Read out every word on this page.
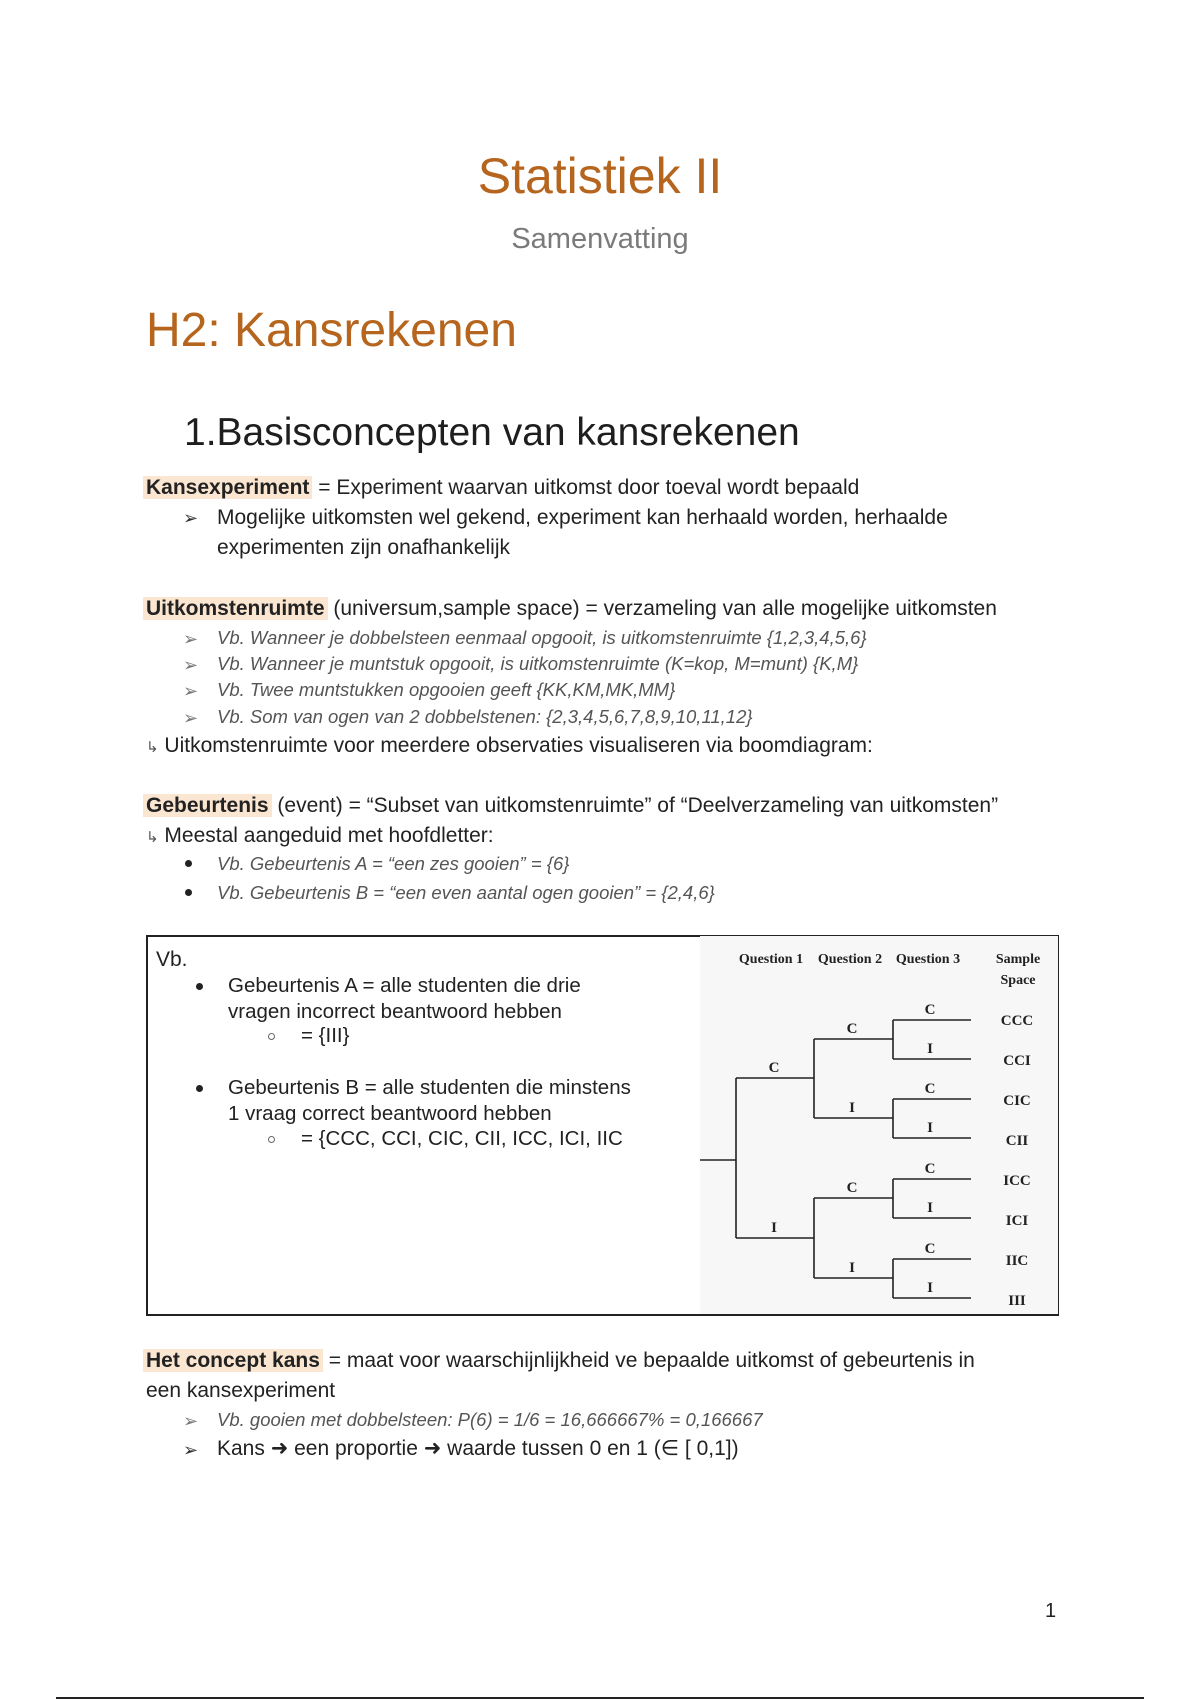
Statistiek II
Samenvatting
H2: Kansrekenen
1.Basisconcepten van kansrekenen
Kansexperiment = Experiment waarvan uitkomst door toeval wordt bepaald
➢ Mogelijke uitkomsten wel gekend, experiment kan herhaald worden, herhaalde
experimenten zijn onafhankelijk
Uitkomstenruimte (universum,sample space) = verzameling van alle mogelijke uitkomsten
➢ Vb. Wanneer je dobbelsteen eenmaal opgooit, is uitkomstenruimte {1,2,3,4,5,6}
➢ Vb. Wanneer je muntstuk opgooit, is uitkomstenruimte (K=kop, M=munt) {K,M}
➢ Vb. Twee muntstukken opgooien geeft {KK,KM,MK,MM}
➢ Vb. Som van ogen van 2 dobbelstenen: {2,3,4,5,6,7,8,9,10,11,12}
↳ Uitkomstenruimte voor meerdere observaties visualiseren via boomdiagram:
Gebeurtenis (event) = “Subset van uitkomstenruimte” of “Deelverzameling van uitkomsten”
↳ Meestal aangeduid met hoofdletter:
Vb. Gebeurtenis A = “een zes gooien” = {6}
Vb. Gebeurtenis B = “een even aantal ogen gooien” = {2,4,6}
Vb.
Gebeurtenis A = alle studenten die drie
vragen incorrect beantwoord hebben
= {III}
Gebeurtenis B = alle studenten die minstens
1 vraag correct beantwoord hebben
= {CCC, CCI, CIC, CII, ICC, ICI, IIC
Question 1 Question 2 Question 3	Sample
Space
C
I
C
I
C
I
C
I
C
I
C
I
C
I
CCC
CCI
CIC
CII
ICC
ICI
IIC
III
Het concept kans = maat voor waarschijnlijkheid ve bepaalde uitkomst of gebeurtenis in
een kansexperiment
➢ Vb. gooien met dobbelsteen: P(6) = 1/6 = 16,666667% = 0,166667
➢ Kans ➜ een proportie ➜ waarde tussen 0 en 1 (∈ [ 0,1])
1
